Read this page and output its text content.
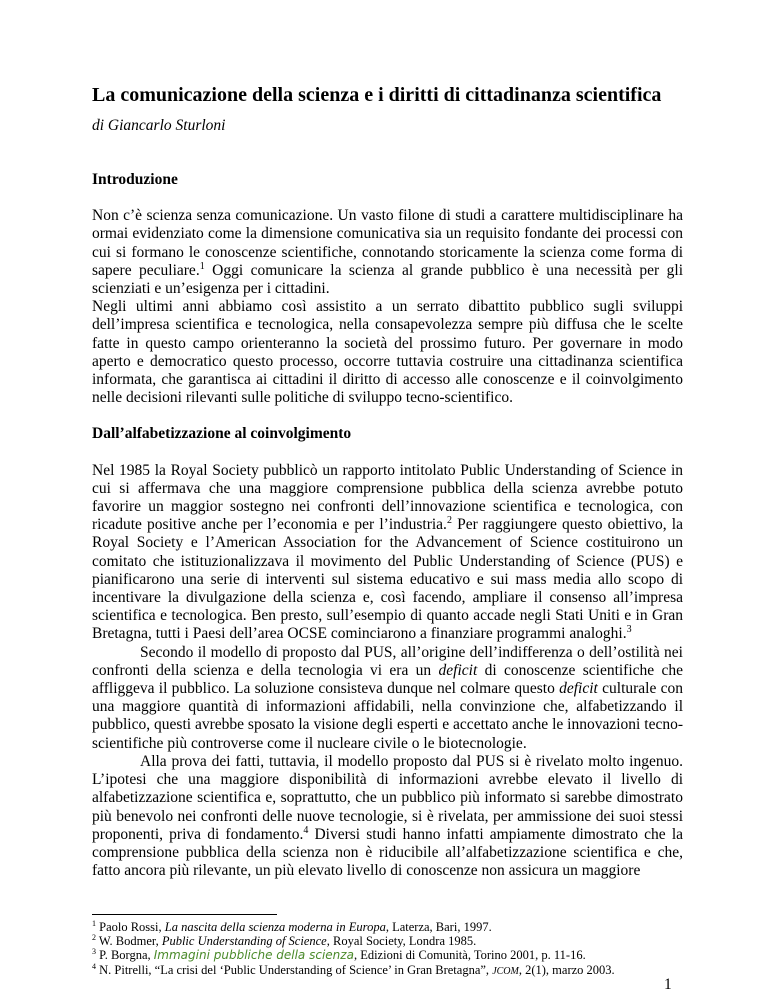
La comunicazione della scienza e i diritti di cittadinanza scientifica
di Giancarlo Sturloni
Introduzione

Non c’è scienza senza comunicazione. Un vasto filone di studi a carattere multidisciplinare ha ormai evidenziato come la dimensione comunicativa sia un requisito fondante dei processi con cui si formano le conoscenze scientifiche, connotando storicamente la scienza come forma di sapere peculiare.$^1$ Oggi comunicare la scienza al grande pubblico è una necessità per gli scienziati e un’esigenza per i cittadini.

Negli ultimi anni abbiamo così assistito a un serrato dibattito pubblico sugli sviluppi dell’impresa scientifica e tecnologica, nella consapevolezza sempre più diffusa che le scelte fatte in questo campo orienteranno la società del prossimo futuro. Per governare in modo aperto e democratico questo processo, occorre tuttavia costruire una cittadinanza scientifica informata, che garantisca ai cittadini il diritto di accesso alle conoscenze e il coinvolgimento nelle decisioni rilevanti sulle politiche di sviluppo tecno-scientifico.

Dall’alfabetizzazione al coinvolgimento

Nel 1985 la Royal Society pubblicò un rapporto intitolato Public Understanding of Science in cui si affermava che una maggiore comprensione pubblica della scienza avrebbe potuto favorire un maggior sostegno nei confronti dell’innovazione scientifica e tecnologica, con ricadute positive anche per l’economia e per l’industria.$^2$ Per raggiungere questo obiettivo, la Royal Society e l’American Association for the Advancement of Science costituirono un comitato che istituzionalizzava il movimento del Public Understanding of Science (PUS) e pianificarono una serie di interventi sul sistema educativo e sui mass media allo scopo di incentivare la divulgazione della scienza e, così facendo, ampliare il consenso all’impresa scientifica e tecnologica. Ben presto, sull’esempio di quanto accade negli Stati Uniti e in Gran Bretagna, tutti i Paesi dell’area OCSE cominciarono a finanziare programmi analoghi.$^3$

Secondo il modello di proposto dal PUS, all’origine dell’indifferenza o dell’ostilità nei confronti della scienza e della tecnologia vi era un deficit di conoscenze scientifiche che affliggeva il pubblico. La soluzione consisteva dunque nel colmare questo deficit culturale con una maggiore quantità di informazioni affidabili, nella convinzione che, alfabetizzando il pubblico, questi avrebbe sposato la visione degli esperti e accettato anche le innovazioni tecno-scientifiche più controverse come il nucleare civile o le biotecnologie.

Alla prova dei fatti, tuttavia, il modello proposto dal PUS si è rivelato molto ingenuo. L’ipotesi che una maggiore disponibilità di informazioni avrebbe elevato il livello di alfabetizzazione scientifica e, soprattutto, che un pubblico più informato si sarebbe dimostrato più benevolo nei confronti delle nuove tecnologie, si è rivelata, per ammissione dei suoi stessi proponenti, priva di fondamento.$^4$ Diversi studi hanno infatti ampiamente dimostrato che la comprensione pubblica della scienza non è riducibile all’alfabetizzazione scientifica e che, fatto ancora più rilevante, un più elevato livello di conoscenze non assicura un maggiore

$^1$ Paolo Rossi, La nascita della scienza moderna in Europa, Laterza, Bari, 1997.
$^2$ W. Bodmer, Public Understanding of Science, Royal Society, Londra 1985.
$^3$ P. Borgna, Immagini pubbliche della scienza, Edizioni di Comunità, Torino 2001, p. 11-16.
$^4$ N. Pitrelli, “La crisi del ‘Public Understanding of Science’ in Gran Bretagna”, JCOM, 2(1), marzo 2003.
1
